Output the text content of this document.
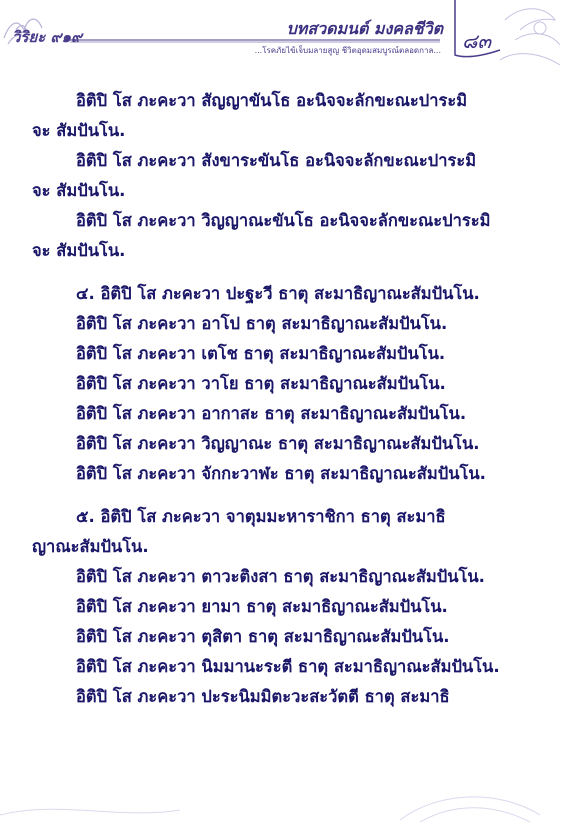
วิริยะ ๙๑๙	บทสวดมนต์ มงคลชีวิต
...โรคภัยไข้เจ็บมลายสูญ ชีวิตอุดมสมบูรณ์ตลอดกาล... ๘๓

อิติปิ โส ภะคะวา สัญญาขันโธ อะนิจจะลักขะณะปาระมิ

จะ สัมปันโน.

อิติปิ โส ภะคะวา สังขาระขันโธ อะนิจจะลักขะณะปาระมิ

จะ สัมปันโน.

อิติปิ โส ภะคะวา วิญญาณะขันโธ อะนิจจะลักขะณะปาระมิ

จะ สัมปันโน.

๔. อิติปิ โส ภะคะวา ปะฐะวี ธาตุ สะมาธิญาณะสัมปันโน.

อิติปิ โส ภะคะวา อาโป ธาตุ สะมาธิญาณะสัมปันโน.

อิติปิ โส ภะคะวา เตโช ธาตุ สะมาธิญาณะสัมปันโน.

อิติปิ โส ภะคะวา วาโย ธาตุ สะมาธิญาณะสัมปันโน.

อิติปิ โส ภะคะวา อากาสะ ธาตุ สะมาธิญาณะสัมปันโน.

อิติปิ โส ภะคะวา วิญญาณะ ธาตุ สะมาธิญาณะสัมปันโน.

อิติปิ โส ภะคะวา จักกะวาฬะ ธาตุ สะมาธิญาณะสัมปันโน.

๕. อิติปิ โส ภะคะวา จาตุมมะหาราชิกา ธาตุ สะมาธิ

ญาณะสัมปันโน.

อิติปิ โส ภะคะวา ตาวะติงสา ธาตุ สะมาธิญาณะสัมปันโน.

อิติปิ โส ภะคะวา ยามา ธาตุ สะมาธิญาณะสัมปันโน.

อิติปิ โส ภะคะวา ตุสิตา ธาตุ สะมาธิญาณะสัมปันโน.

อิติปิ โส ภะคะวา นิมมานะระตี ธาตุ สะมาธิญาณะสัมปันโน.

อิติปิ โส ภะคะวา ปะระนิมมิตะวะสะวัตตี ธาตุ สะมาธิ
